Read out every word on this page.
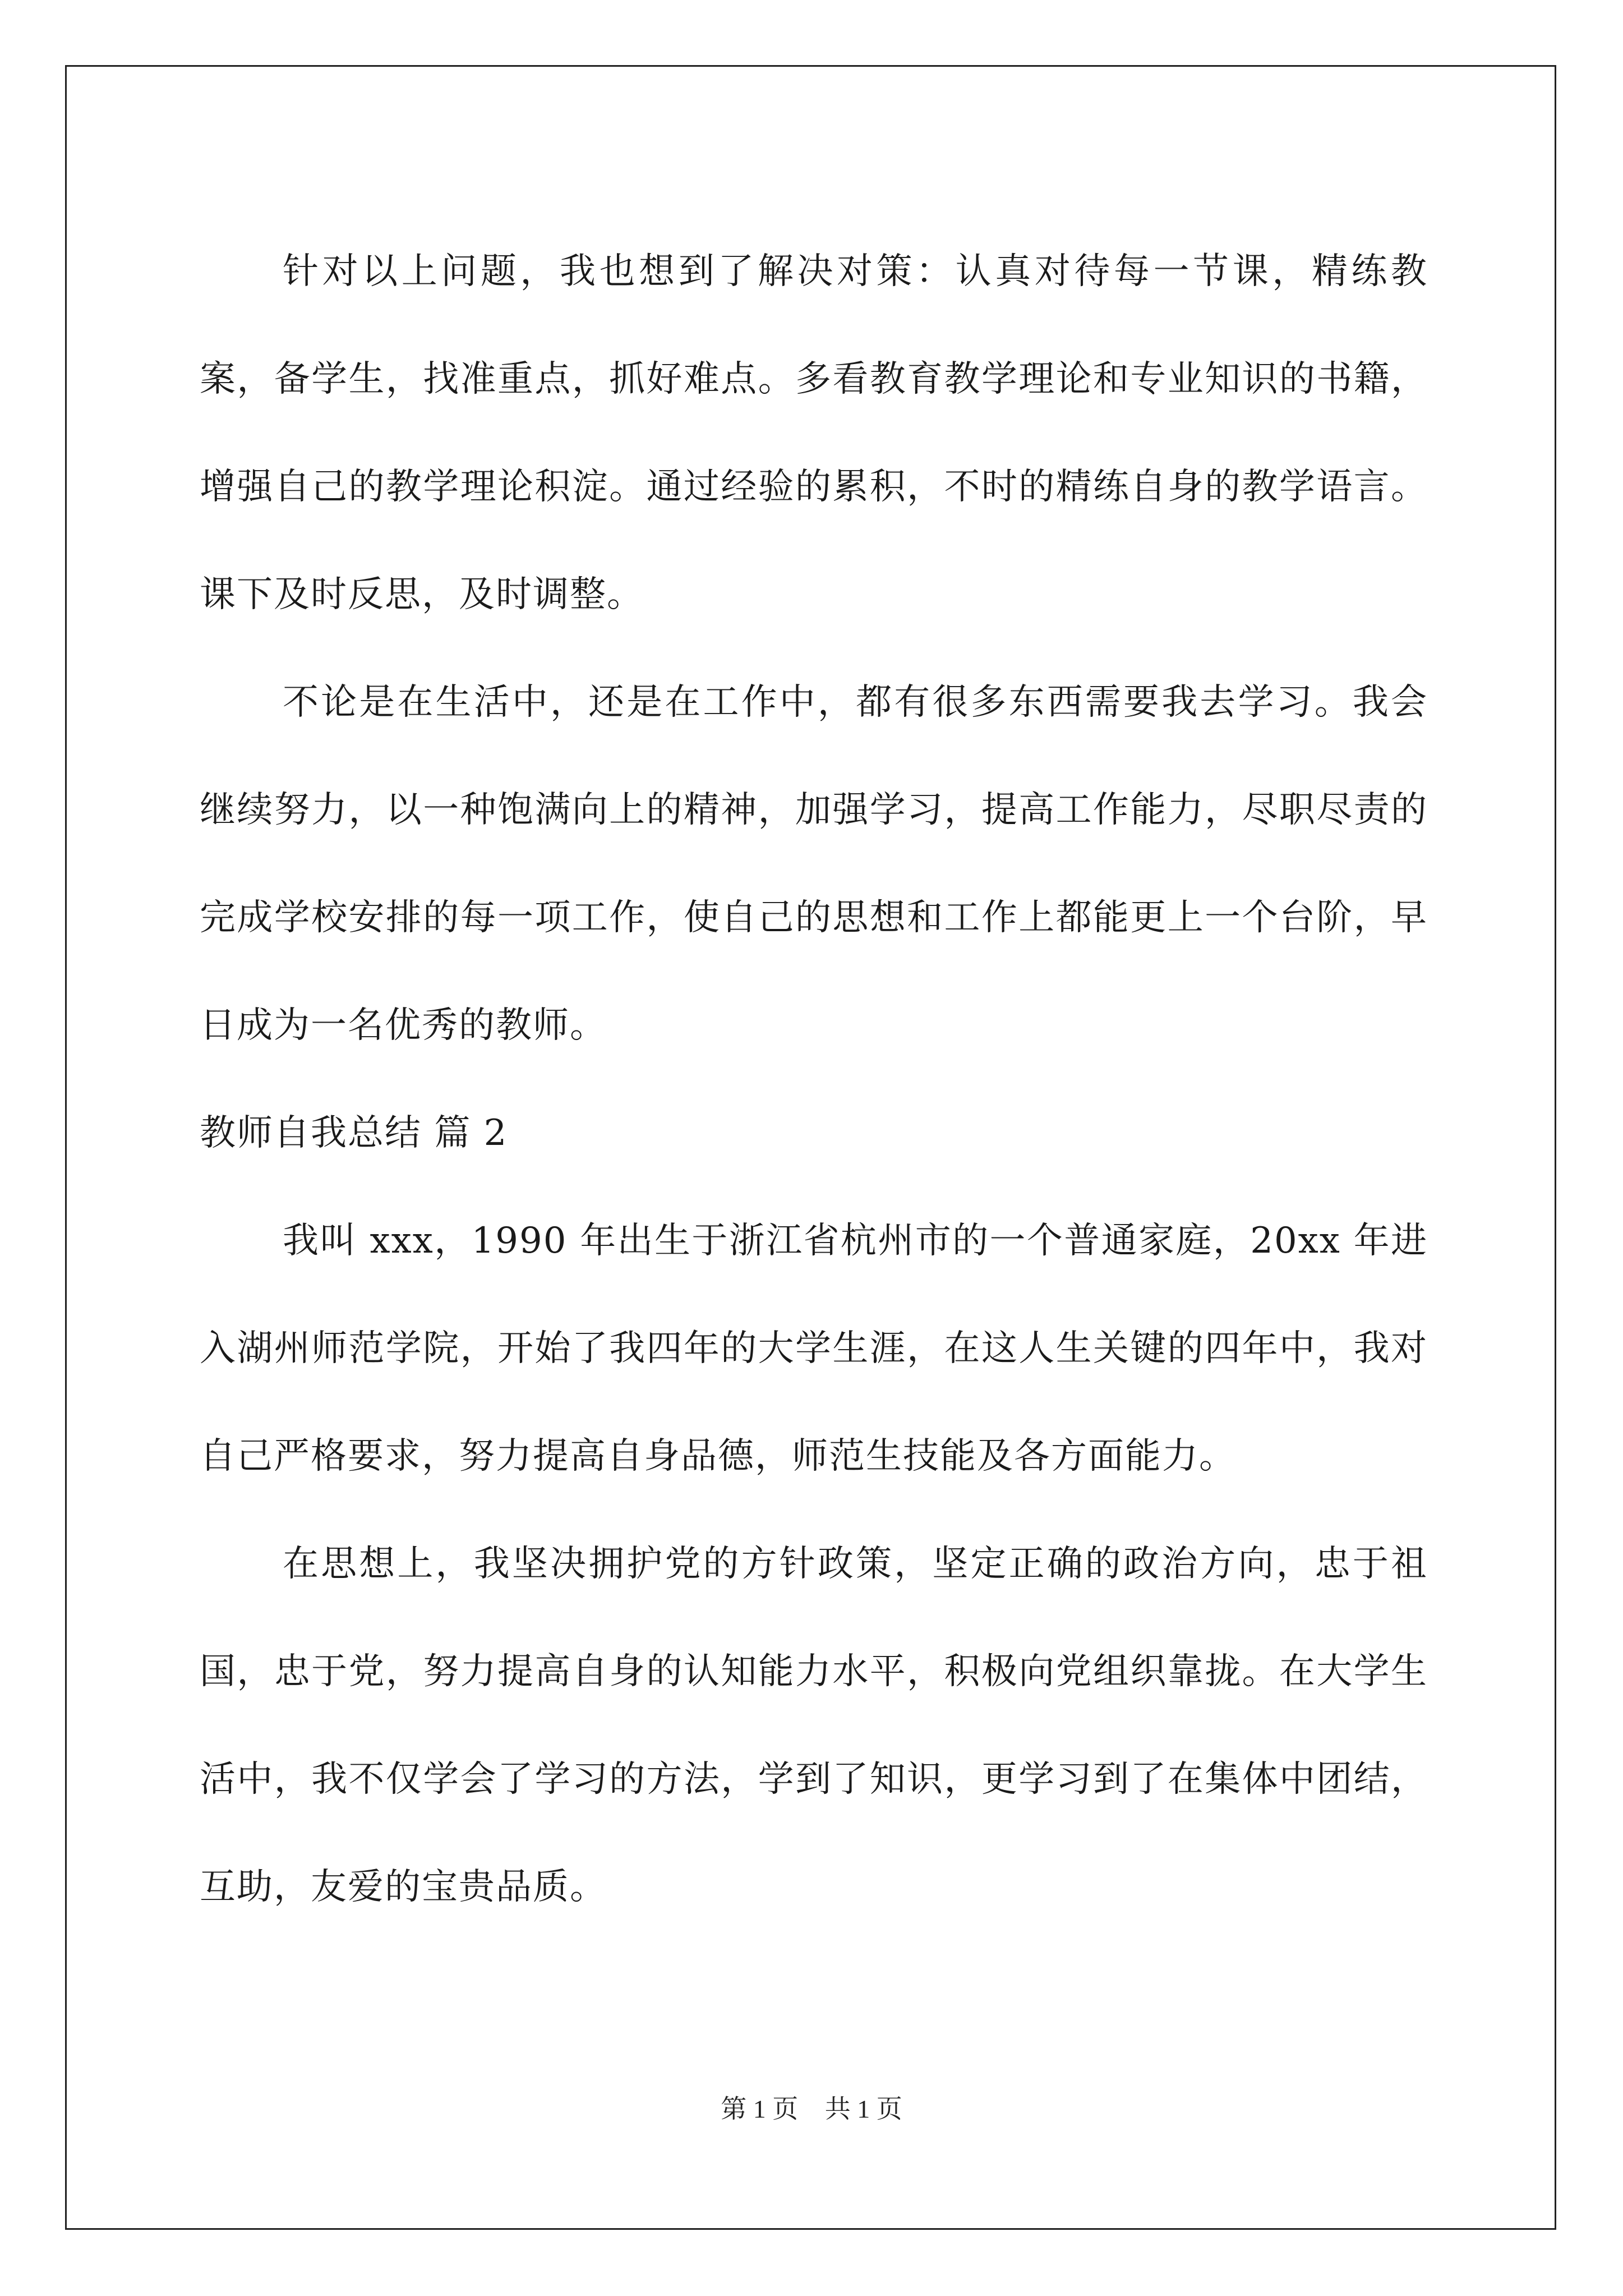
针对以上问题，我也想到了解决对策：认真对待每一节课，精练教案，备学生，找准重点，抓好难点。多看教育教学理论和专业知识的书籍，增强自己的教学理论积淀。通过经验的累积，不时的精练自身的教学语言。课下及时反思，及时调整。

不论是在生活中，还是在工作中，都有很多东西需要我去学习。我会继续努力，以一种饱满向上的精神，加强学习，提高工作能力，尽职尽责的完成学校安排的每一项工作，使自己的思想和工作上都能更上一个台阶，早日成为一名优秀的教师。

教师自我总结 篇 2

我叫 xxx，1990 年出生于浙江省杭州市的一个普通家庭，20xx 年进入湖州师范学院，开始了我四年的大学生涯，在这人生关键的四年中，我对自己严格要求，努力提高自身品德，师范生技能及各方面能力。

在思想上，我坚决拥护党的方针政策，坚定正确的政治方向，忠于祖国，忠于党，努力提高自身的认知能力水平，积极向党组织靠拢。在大学生活中，我不仅学会了学习的方法，学到了知识，更学习到了在集体中团结，互助，友爱的宝贵品质。

第 1 页 共 1 页
